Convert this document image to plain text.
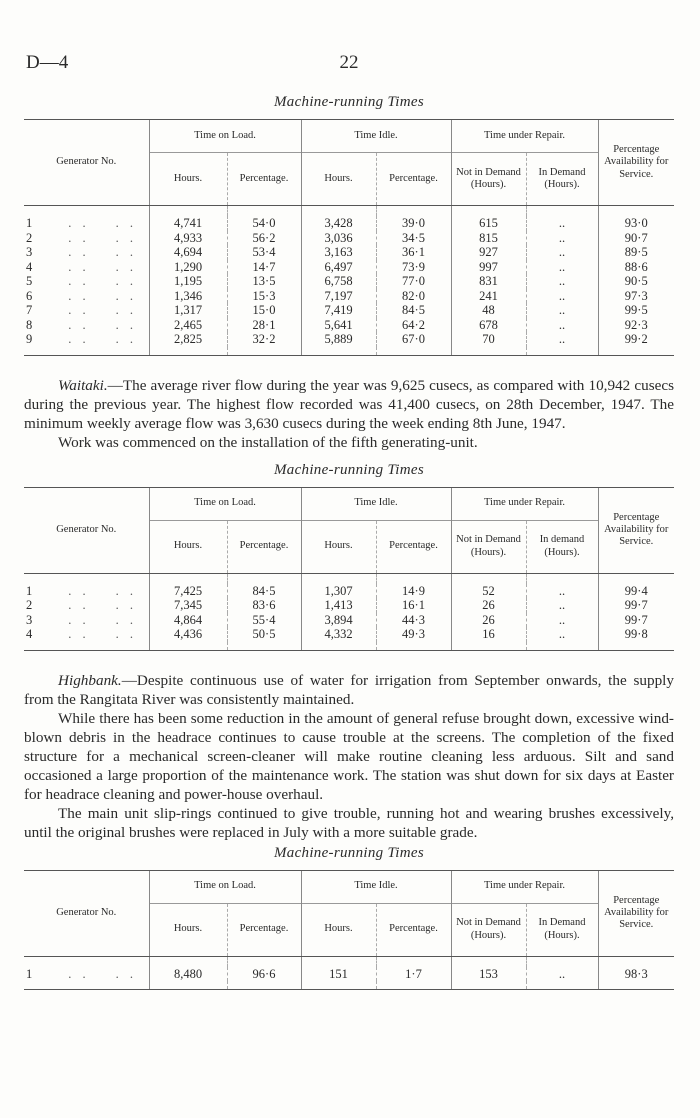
D—4	22
Machine-running Times
Generator No.	Time on Load.		Time Idle.		Time under Repair.		Percentage Availability for Service.
	Hours.	Percentage.	Hours.	Percentage.	Not in Demand (Hours).	In Demand (Hours).	

1 . . . .	4,741	54·0	3,428	39·0	615	..	93·0
2 . . . .	4,933	56·2	3,036	34·5	815	..	90·7
3 . . . .	4,694	53·4	3,163	36·1	927	..	89·5
4 . . . .	1,290	14·7	6,497	73·9	997	..	88·6
5 . . . .	1,195	13·5	6,758	77·0	831	..	90·5
6 . . . .	1,346	15·3	7,197	82·0	241	..	97·3
7 . . . .	1,317	15·0	7,419	84·5	48	..	99·5
8 . . . .	2,465	28·1	5,641	64·2	678	..	92·3
9 . . . .	2,825	32·2	5,889	67·0	70	..	99·2

Waitaki.—The average river flow during the year was 9,625 cusecs, as compared with 10,942 cusecs during the previous year. The highest flow recorded was 41,400 cusecs, on 28th December, 1947. The minimum weekly average flow was 3,630 cusecs during the week ending 8th June, 1947.

Work was commenced on the installation of the fifth generating-unit.

Machine-running Times
Generator No.	Time on Load.		Time Idle.		Time under Repair.		Percentage Availability for Service.
	Hours.	Percentage.	Hours.	Percentage.	Not in Demand (Hours).	In demand (Hours).	

1 . . . .	7,425	84·5	1,307	14·9	52	..	99·4
2 . . . .	7,345	83·6	1,413	16·1	26	..	99·7
3 . . . .	4,864	55·4	3,894	44·3	26	..	99·7
4 . . . .	4,436	50·5	4,332	49·3	16	..	99·8

Highbank.—Despite continuous use of water for irrigation from September onwards, the supply from the Rangitata River was consistently maintained.

While there has been some reduction in the amount of general refuse brought down, excessive wind-blown debris in the headrace continues to cause trouble at the screens. The completion of the fixed structure for a mechanical screen-cleaner will make routine cleaning less arduous. Silt and sand occasioned a large proportion of the maintenance work. The station was shut down for six days at Easter for headrace cleaning and power-house overhaul.

The main unit slip-rings continued to give trouble, running hot and wearing brushes excessively, until the original brushes were replaced in July with a more suitable grade.

Machine-running Times
Generator No.	Time on Load.		Time Idle.		Time under Repair.		Percentage Availability for Service.
	Hours.	Percentage.	Hours.	Percentage.	Not in Demand (Hours).	In Demand (Hours).	

1 . . . .	8,480	96·6	151	1·7	153	..	98·3
